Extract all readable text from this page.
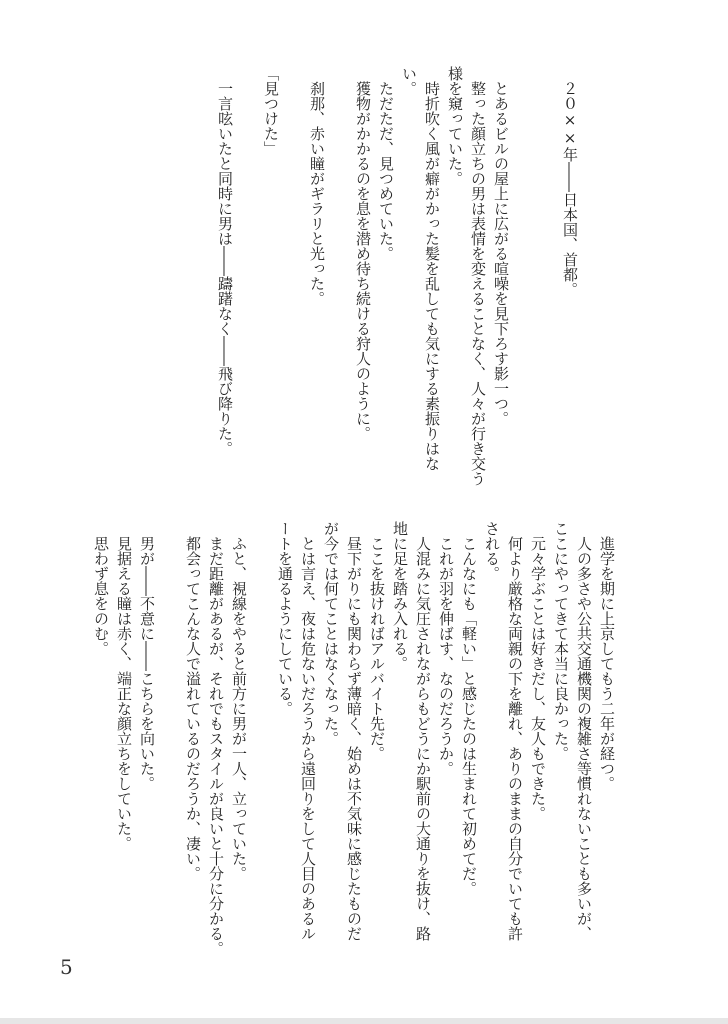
　２０××年――日本国、首都。
　とあるビルの屋上に広がる喧噪を見下ろす影一つ。
　整った顔立ちの男は表情を変えることなく、人々が行き交う
様を窺っていた。
　時折吹く風が癖がかった髪を乱しても気にする素振りはな
い。
　ただただ、見つめていた。
　獲物がかかるのを息を潜め待ち続ける狩人のように。
　刹那、赤い瞳がギラリと光った。
「見つけた」
　一言呟いたと同時に男は――躊躇なく――飛び降りた。
　進学を期に上京してもう二年が経つ。
　人の多さや公共交通機関の複雑さ等慣れないことも多いが、
ここにやってきて本当に良かった。
　元々学ぶことは好きだし、友人もできた。
　何より厳格な両親の下を離れ、ありのままの自分でいても許
される。
　こんなにも「軽い」と感じたのは生まれて初めてだ。
　これが羽を伸ばす、なのだろうか。
　人混みに気圧されながらもどうにか駅前の大通りを抜け、路
地に足を踏み入れる。
　ここを抜ければアルバイト先だ。
　昼下がりにも関わらず薄暗く、始めは不気味に感じたものだ
が今では何てことはなくなった。
　とは言え、夜は危ないだろうから遠回りをして人目のあるル
ートを通るようにしている。
　ふと、視線をやると前方に男が一人、立っていた。
　まだ距離があるが、それでもスタイルが良いと十分に分かる。
　都会ってこんな人で溢れているのだろうか、凄い。
　男が――不意に――こちらを向いた。
　見据える瞳は赤く、端正な顔立ちをしていた。
　思わず息をのむ。
5
